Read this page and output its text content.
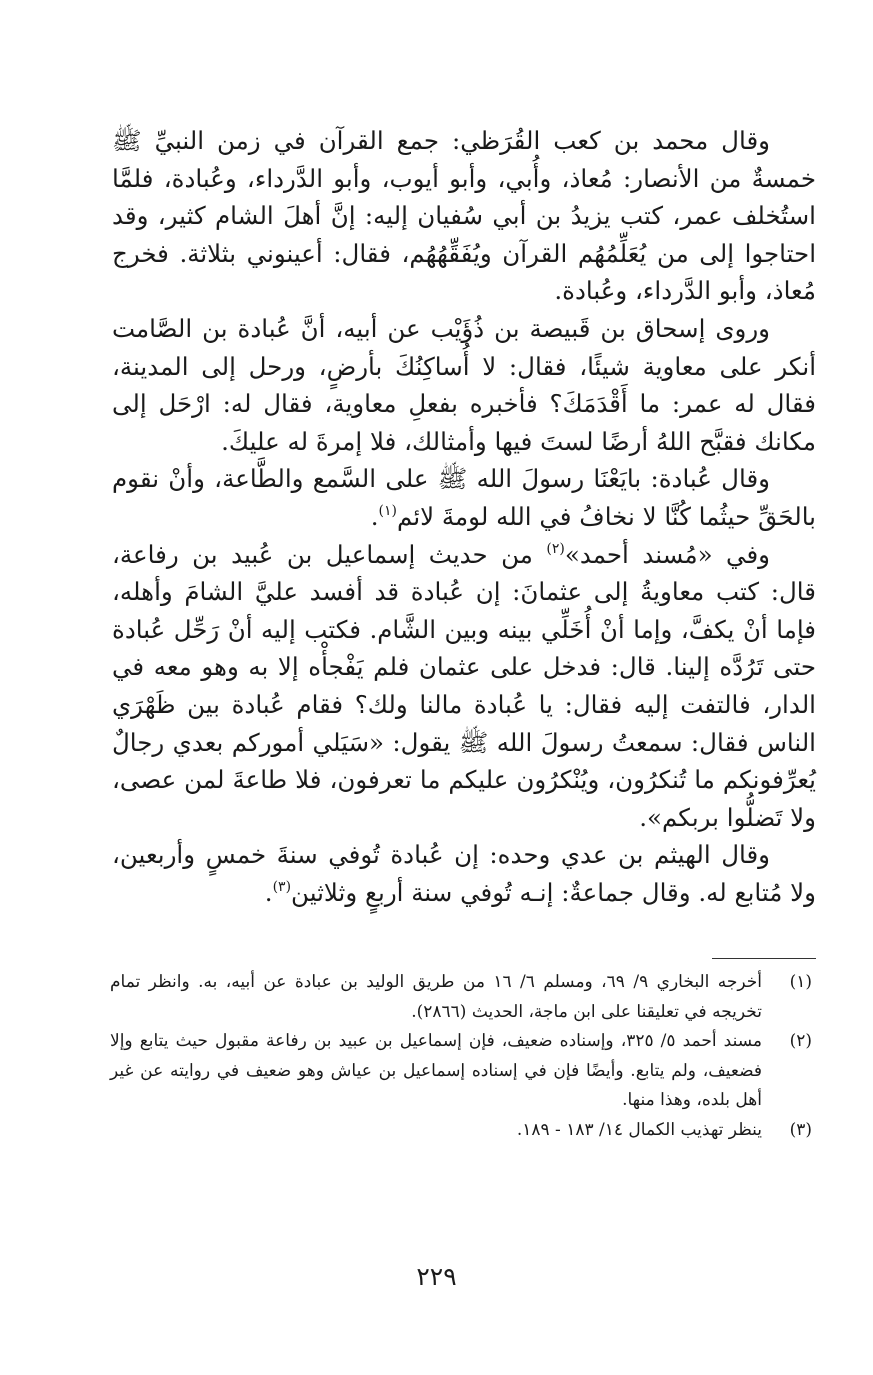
وقال محمد بن كعب القُرَظي: جمع القرآن في زمن النبيِّ ﷺ خمسةٌ من الأنصار: مُعاذ، وأُبي، وأبو أيوب، وأبو الدَّرداء، وعُبادة، فلمَّا استُخلف عمر، كتب يزيدُ بن أبي سُفيان إليه: إنَّ أهلَ الشام كثير، وقد احتاجوا إلى من يُعَلِّمُهُم القرآن ويُفَقِّهُهُم، فقال: أعينوني بثلاثة. فخرج مُعاذ، وأبو الدَّرداء، وعُبادة.

وروى إسحاق بن قَبيصة بن ذُؤَيْب عن أبيه، أنَّ عُبادة بن الصَّامت أنكر على معاوية شيئًا، فقال: لا أُساكِنُكَ بأرضٍ، ورحل إلى المدينة، فقال له عمر: ما أَقْدَمَكَ؟ فأخبره بفعلِ معاوية، فقال له: ارْحَل إلى مكانك فقبَّح اللهُ أرضًا لستَ فيها وأمثالك، فلا إمرةَ له عليكَ.

وقال عُبادة: بايَعْنَا رسولَ الله ﷺ على السَّمع والطَّاعة، وأنْ نقوم بالحَقِّ حيثُما كُنَّا لا نخافُ في الله لومةَ لائم$^{(١)}$.

وفي «مُسند أحمد»$^{(٢)}$ من حديث إسماعيل بن عُبيد بن رفاعة، قال: كتب معاويةُ إلى عثمانَ: إن عُبادة قد أفسد عليَّ الشامَ وأهله، فإما أنْ يكفَّ، وإما أنْ أُخَلِّي بينه وبين الشَّام. فكتب إليه أنْ رَحِّل عُبادة حتى تَرُدَّه إلينا. قال: فدخل على عثمان فلم يَفْجأْه إلا به وهو معه في الدار، فالتفت إليه فقال: يا عُبادة مالنا ولك؟ فقام عُبادة بين ظَهْرَي الناس فقال: سمعتُ رسولَ الله ﷺ يقول: «سَيَلي أموركم بعدي رجالٌ يُعرِّفونكم ما تُنكرُون، ويُنْكرُون عليكم ما تعرفون، فلا طاعةَ لمن عصى، ولا تَضلُّوا بربكم».

وقال الهيثم بن عدي وحده: إن عُبادة تُوفي سنةَ خمسٍ وأربعين، ولا مُتابع له. وقال جماعةٌ: إنـه تُوفي سنة أربعٍ وثلاثين$^{(٣)}$.

(١)
أخرجه البخاري ٩/ ٦٩، ومسلم ٦/ ١٦ من طريق الوليد بن عبادة عن أبيه، به. وانظر تمام تخريجه في تعليقنا على ابن ماجة، الحديث (٢٨٦٦).
(٢)
مسند أحمد ٥/ ٣٢٥، وإسناده ضعيف، فإن إسماعيل بن عبيد بن رفاعة مقبول حيث يتابع وإلا فضعيف، ولم يتابع. وأيضًا فإن في إسناده إسماعيل بن عياش وهو ضعيف في روايته عن غير أهل بلده، وهذا منها.
(٣)
ينظر تهذيب الكمال ١٤/ ١٨٣ - ١٨٩.
٢٢٩
